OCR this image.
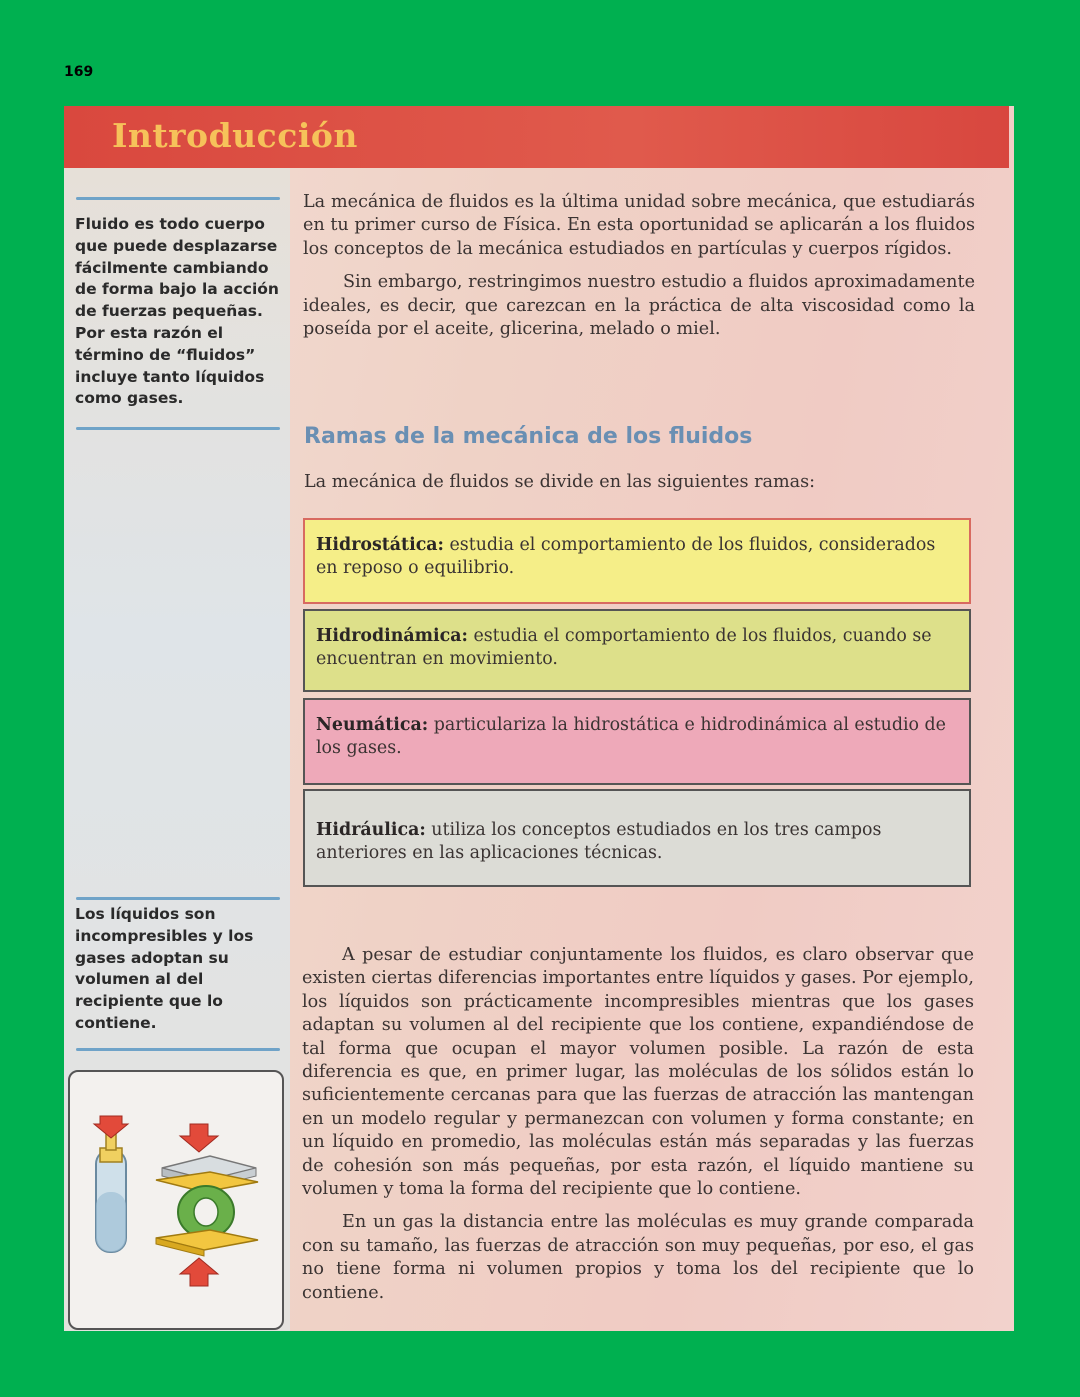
169
Introducción
Fluido es todo cuerpo que puede desplazarse fácilmente cambiando de forma bajo la acción de fuerzas pequeñas. Por esta razón el término de “fluidos” incluye tanto líquidos como gases.
Los líquidos son incompresibles y los gases adoptan su volumen al del recipiente que lo contiene.

La mecánica de fluidos es la última unidad sobre mecánica, que estudiarás en tu primer curso de Física. En esta oportunidad se aplicarán a los fluidos los conceptos de la mecánica estudiados en partículas y cuerpos rígidos.

Sin embargo, restringimos nuestro estudio a fluidos aproximadamente ideales, es decir, que carezcan en la práctica de alta viscosidad como la poseída por el aceite, glicerina, melado o miel.

Ramas de la mecánica de los fluidos
La mecánica de fluidos se divide en las siguientes ramas:
Hidrostática: estudia el comportamiento de los fluidos, considerados en reposo o equilibrio.
Hidrodinámica: estudia el comportamiento de los fluidos, cuando se encuentran en movimiento.
Neumática: particulariza la hidrostática e hidrodinámica al estudio de los gases.
Hidráulica: utiliza los conceptos estudiados en los tres campos anteriores en las aplicaciones técnicas.

A pesar de estudiar conjuntamente los fluidos, es claro observar que existen ciertas diferencias importantes entre líquidos y gases. Por ejemplo, los líquidos son prácticamente incompresibles mientras que los gases adaptan su volumen al del recipiente que los contiene, expandiéndose de tal forma que ocupan el mayor volumen posible. La razón de esta diferencia es que, en primer lugar, las moléculas de los sólidos están lo suficientemente cercanas para que las fuerzas de atracción las mantengan en un modelo regular y permanezcan con volumen y forma constante; en un líquido en promedio, las moléculas están más separadas y las fuerzas de cohesión son más pequeñas, por esta razón, el líquido mantiene su volumen y toma la forma del recipiente que lo contiene.

En un gas la distancia entre las moléculas es muy grande comparada con su tamaño, las fuerzas de atracción son muy pequeñas, por eso, el gas no tiene forma ni volumen propios y toma los del recipiente que lo contiene.
